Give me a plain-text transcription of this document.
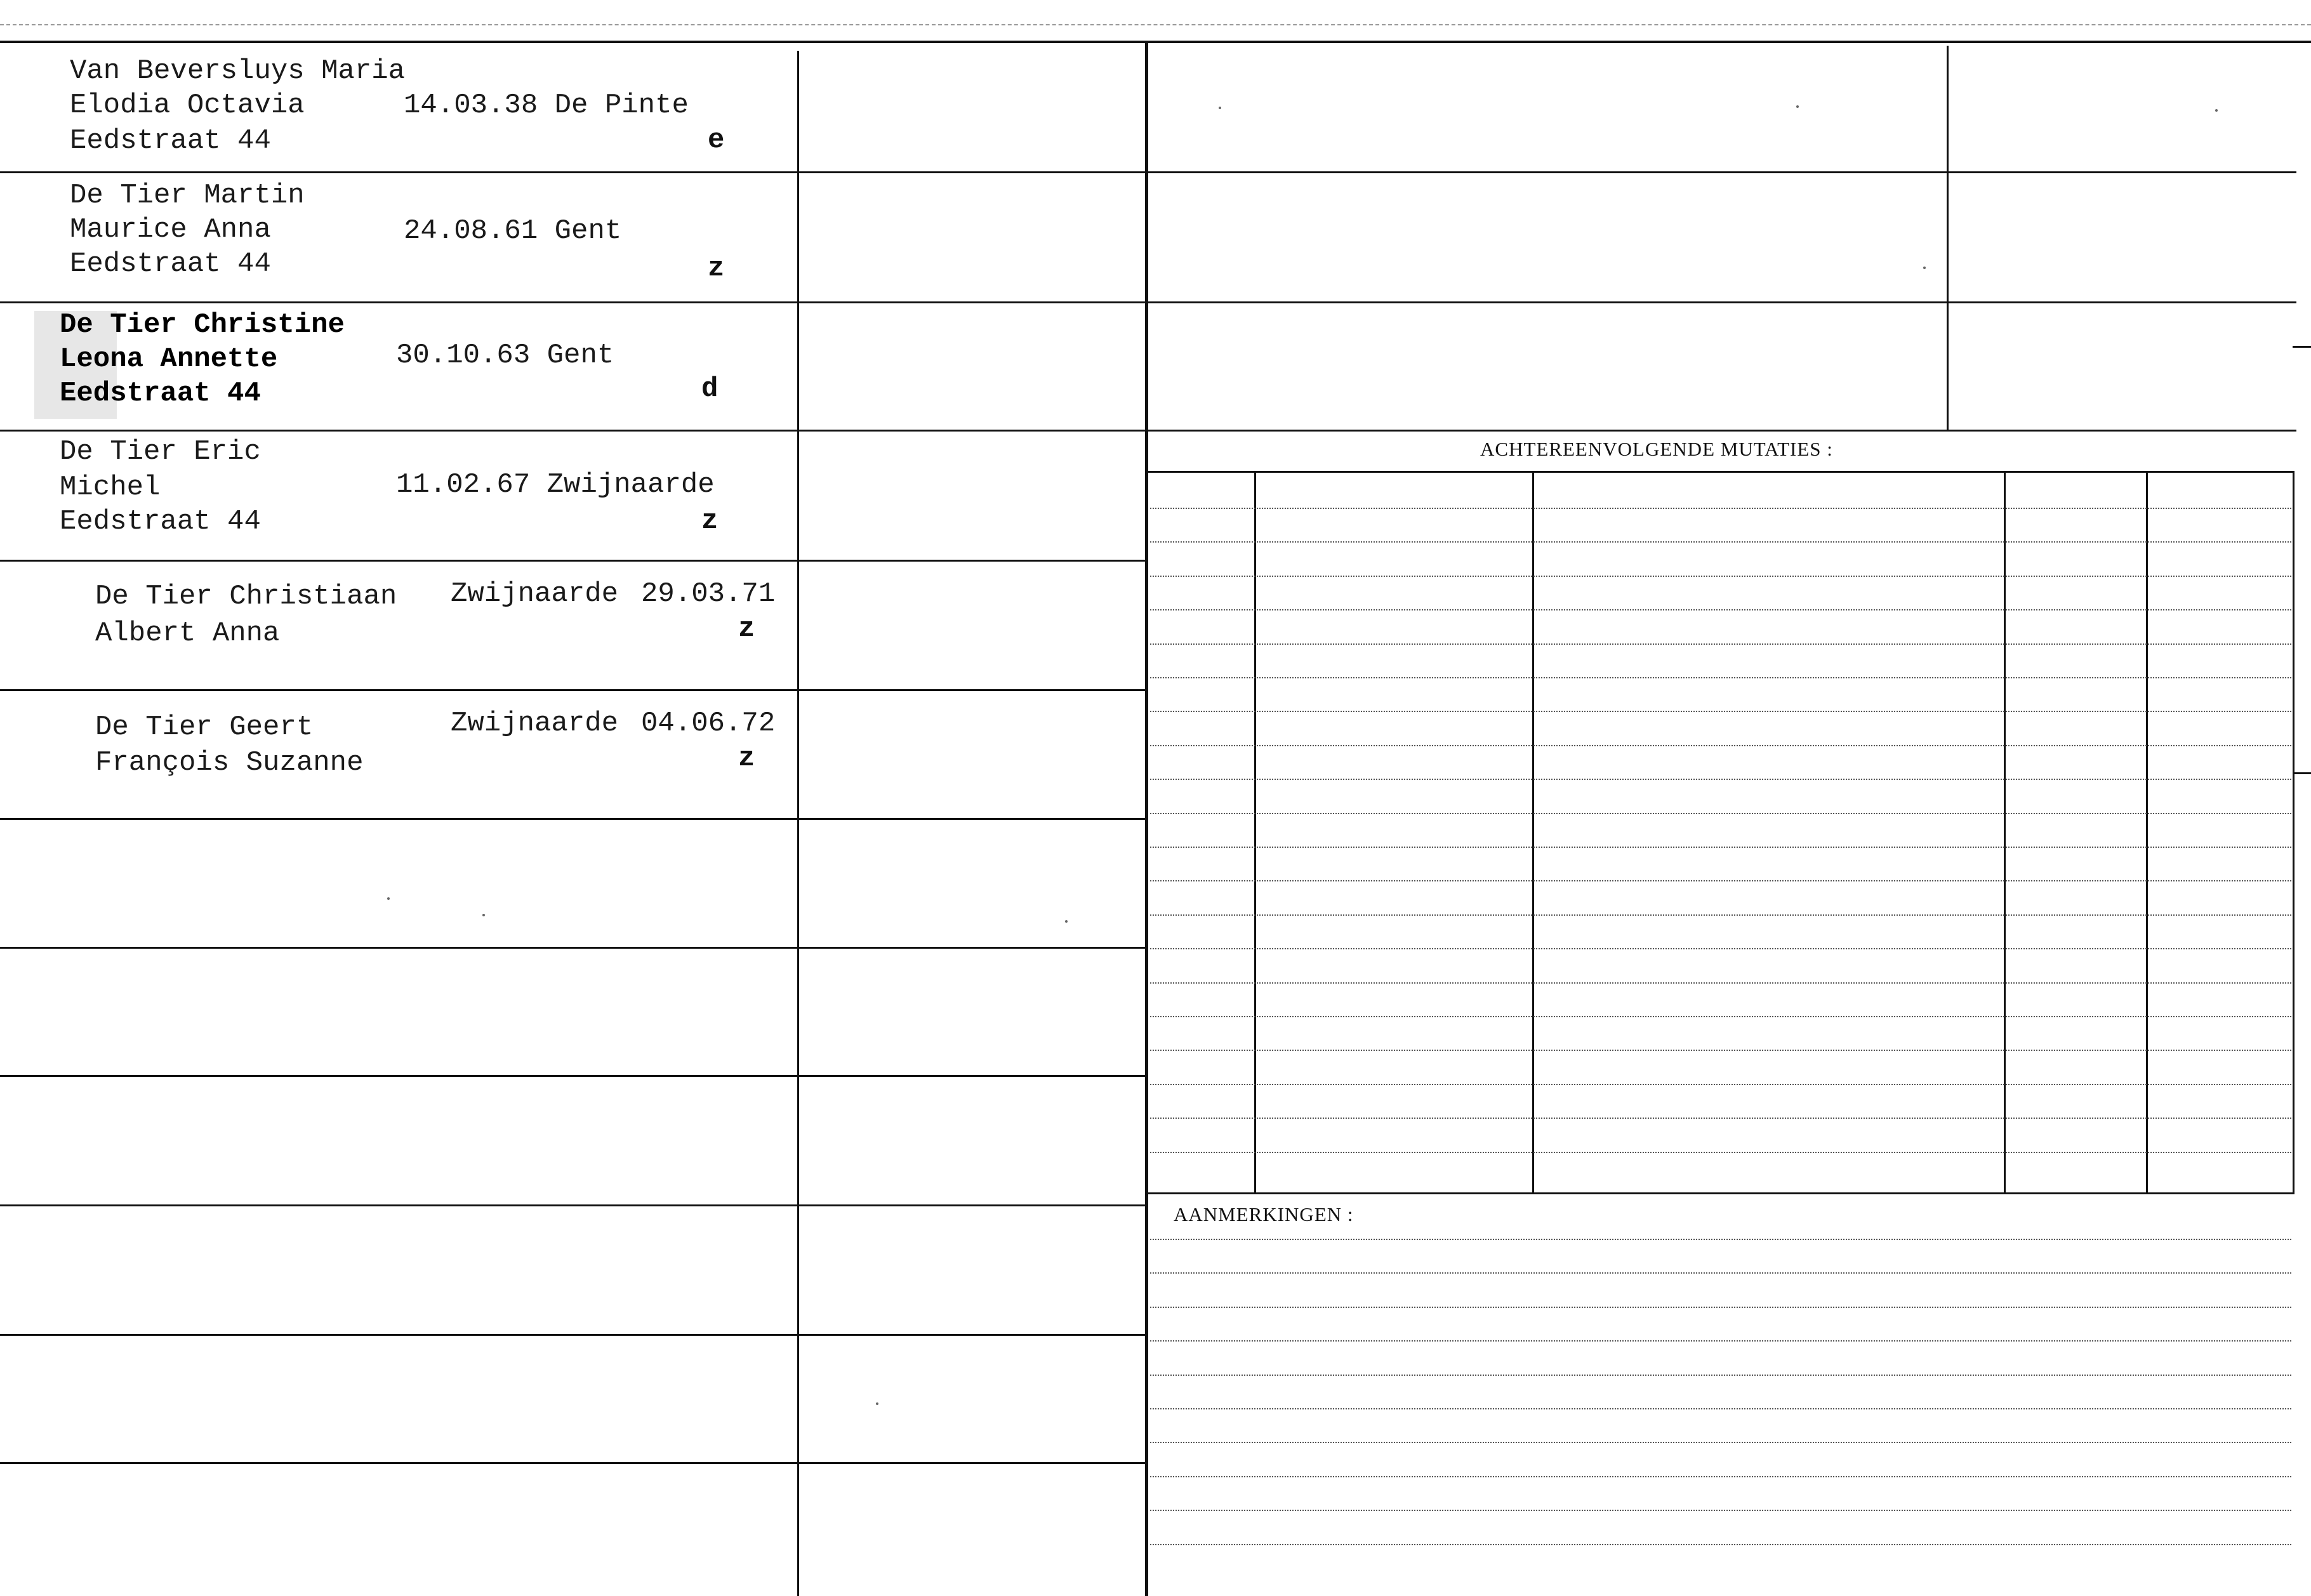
ACHTEREENVOLGENDE MUTATIES :
AANMERKINGEN :
Van Beversluys Maria
Elodia Octavia
Eedstraat 44
14.03.38 De Pinte
e
De Tier Martin
Maurice Anna
Eedstraat 44
24.08.61 Gent
z
De Tier Christine
Leona Annette
Eedstraat 44
30.10.63 Gent
d
De Tier Eric
Michel
Eedstraat 44
11.02.67 Zwijnaarde
z
De Tier Christiaan
Albert Anna
Zwijnaarde 29.03.71
z
De Tier Geert
François Suzanne
Zwijnaarde 04.06.72
z
